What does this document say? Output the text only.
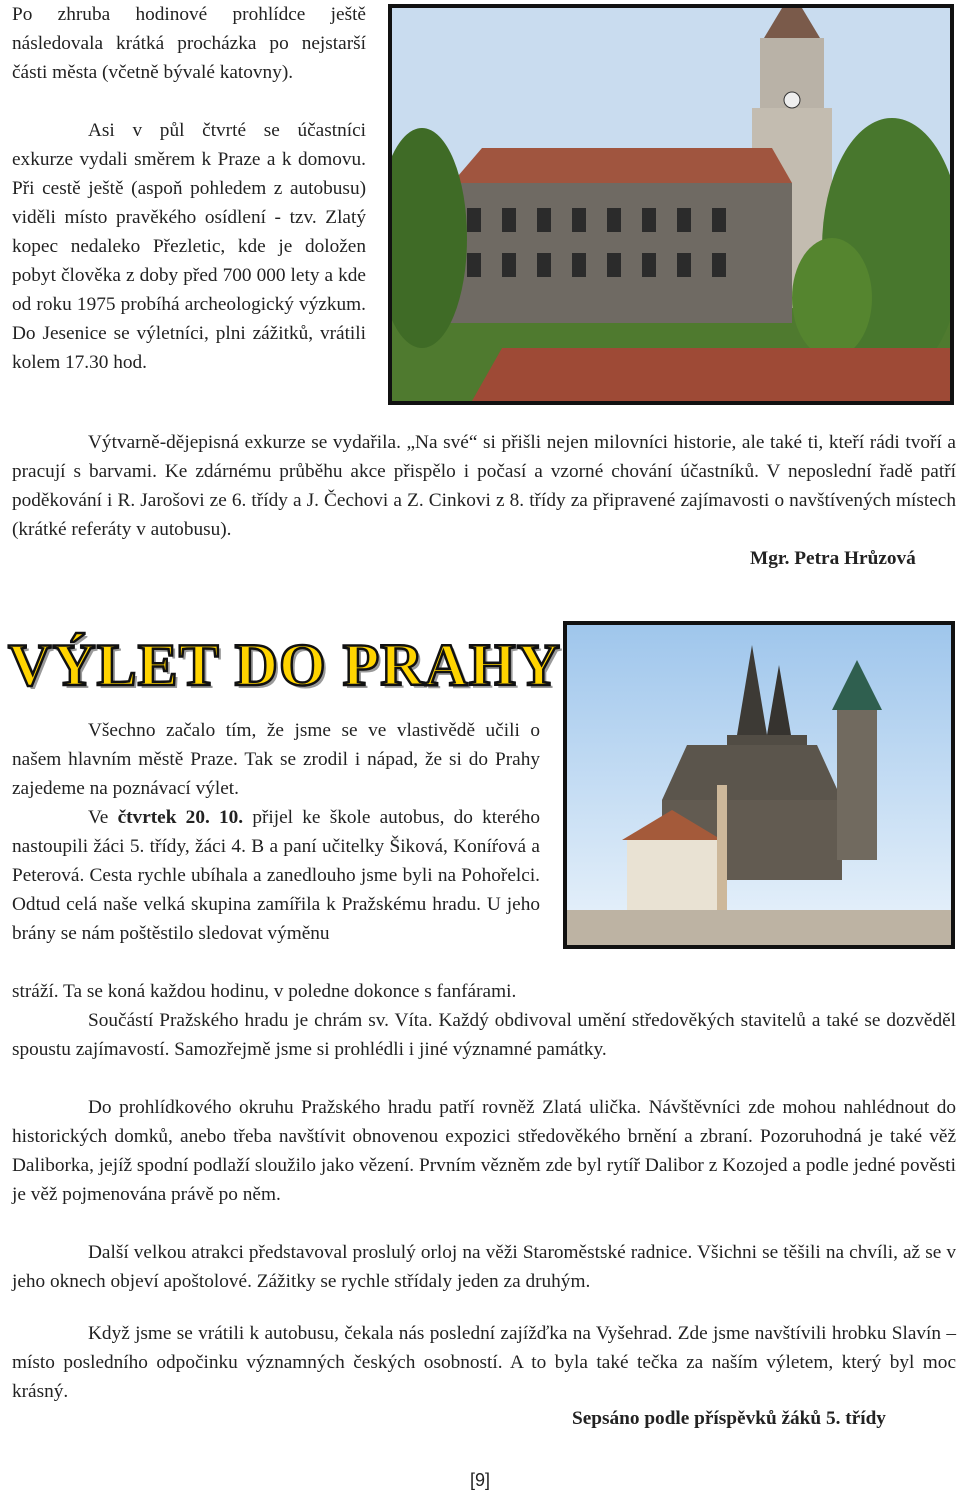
Po zhruba hodinové prohlídce ještě následovala krátká procházka po nejstarší části města (včetně bývalé katovny).

Asi v půl čtvrté se účastníci exkurze vydali směrem k Praze a k domovu. Při cestě ještě (aspoň pohledem z autobusu) viděli místo pravěkého osídlení - tzv. Zlatý kopec nedaleko Přezletic, kde je doložen pobyt člověka z doby před 700 000 lety a kde od roku 1975 probíhá archeologický výzkum. Do Jesenice se výletníci, plni zážitků, vrátili kolem 17.30 hod.

Výtvarně-dějepisná exkurze se vydařila. „Na své“ si přišli nejen milovníci historie, ale také ti, kteří rádi tvoří a pracují s barvami. Ke zdárnému průběhu akce přispělo i počasí a vzorné chování účastníků. V neposlední řadě patří poděkování i R. Jarošovi ze 6. třídy a J. Čechovi a Z. Cinkovi z 8. třídy za připravené zajímavosti o navštívených místech (krátké referáty v autobusu).

Mgr. Petra Hrůzová
VÝLET DO PRAHY

Všechno začalo tím, že jsme se ve vlastivědě učili o našem hlavním městě Praze. Tak se zrodil i nápad, že si do Prahy zajedeme na poznávací výlet.

Ve čtvrtek 20. 10. přijel ke škole autobus, do kterého nastoupili žáci 5. třídy, žáci 4. B a paní učitelky Šiková, Koníŕová a Peterová. Cesta rychle ubíhala a zanedlouho jsme byli na Pohořelci. Odtud celá naše velká skupina zamířila k Pražskému hradu. U jeho brány se nám poštěstilo sledovat výměnu

stráží. Ta se koná každou hodinu, v poledne dokonce s fanfárami.

Součástí Pražského hradu je chrám sv. Víta. Každý obdivoval umění středověkých stavitelů a také se dozvěděl spoustu zajímavostí. Samozřejmě jsme si prohlédli i jiné významné památky.

Do prohlídkového okruhu Pražského hradu patří rovněž Zlatá ulička. Návštěvníci zde mohou nahlédnout do historických domků, anebo třeba navštívit obnovenou expozici středověkého brnění a zbraní. Pozoruhodná je také věž Daliborka, jejíž spodní podlaží sloužilo jako vězení. Prvním vězněm zde byl rytíř Dalibor z Kozojed a podle jedné pověsti je věž pojmenována právě po něm.

Další velkou atrakci představoval proslulý orloj na věži Staroměstské radnice. Všichni se těšili na chvíli, až se v jeho oknech objeví apoštolové. Zážitky se rychle střídaly jeden za druhým.

Když jsme se vrátili k autobusu, čekala nás poslední zajížďka na Vyšehrad. Zde jsme navštívili hrobku Slavín – místo posledního odpočinku významných českých osobností. A to byla také tečka za naším výletem, který byl moc krásný.

Sepsáno podle příspěvků žáků 5. třídy
[9]
